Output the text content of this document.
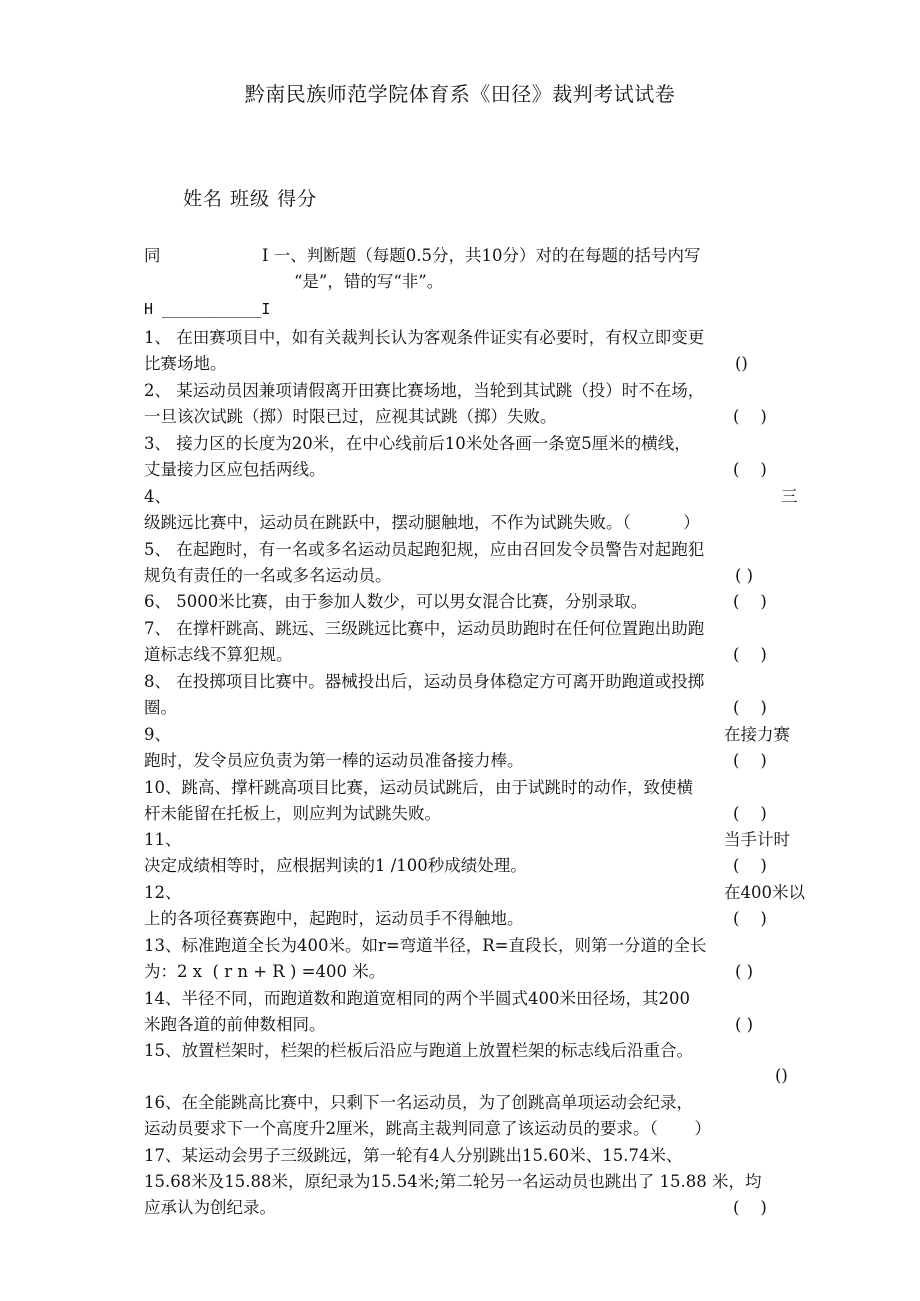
黔南民族师范学院体育系《田径》裁判考试试卷
姓名 班级 得分
同	I 一、判断题（每题0.5分，共10分）对的在每题的括号内写
“是”，错的写“非”。
H ___________I
1、 在田赛项目中，如有关裁判长认为客观条件证实有必要时，有权立即变更
比赛场地。	()
2、 某运动员因兼项请假离开田赛比赛场地，当轮到其试跳（投）时不在场，
一旦该次试跳（掷）时限已过，应视其试跳（掷）失败。	(    )
3、 接力区的长度为20米，在中心线前后10米处各画一条宽5厘米的横线，
丈量接力区应包括两线。	(    )
4、	三
级跳远比赛中，运动员在跳跃中，摆动腿触地，不作为试跳失败。（          ）
5、 在起跑时，有一名或多名运动员起跑犯规，应由召回发令员警告对起跑犯
规负有责任的一名或多名运动员。	( )
6、 5000米比赛，由于参加人数少，可以男女混合比赛，分别录取。	(    )
7、 在撑杆跳高、跳远、三级跳远比赛中，运动员助跑时在任何位置跑出助跑
道标志线不算犯规。	(    )
8、 在投掷项目比赛中。器械投出后，运动员身体稳定方可离开助跑道或投掷
圈。	(    )
9、	在接力赛
跑时，发令员应负责为第一棒的运动员准备接力棒。	(    )
10、跳高、撑杆跳高项目比赛，运动员试跳后，由于试跳时的动作，致使横
杆未能留在托板上，则应判为试跳失败。	(    )
11、	当手计时
决定成绩相等时，应根据判读的1 /100秒成绩处理。	(    )
12、	在400米以
上的各项径赛赛跑中，起跑时，运动员手不得触地。	(    )
13、标准跑道全长为400米。如r=弯道半径，R=直段长，则第一分道的全长
为：2 x  ( r n + R ) =400 米。	( )
14、半径不同，而跑道数和跑道宽相同的两个半圆式400米田径场，其200
米跑各道的前伸数相同。	( )
15、放置栏架时，栏架的栏板后沿应与跑道上放置栏架的标志线后沿重合。
()
16、在全能跳高比赛中，只剩下一名运动员，为了创跳高单项运动会纪录，
运动员要求下一个高度升2厘米，跳高主裁判同意了该运动员的要求。（       ）
17、某运动会男子三级跳远，第一轮有4人分别跳出15.60米、15.74米、
15.68米及15.88米，原纪录为15.54米;第二轮另一名运动员也跳出了 15.88 米，均
应承认为创纪录。	(    )
